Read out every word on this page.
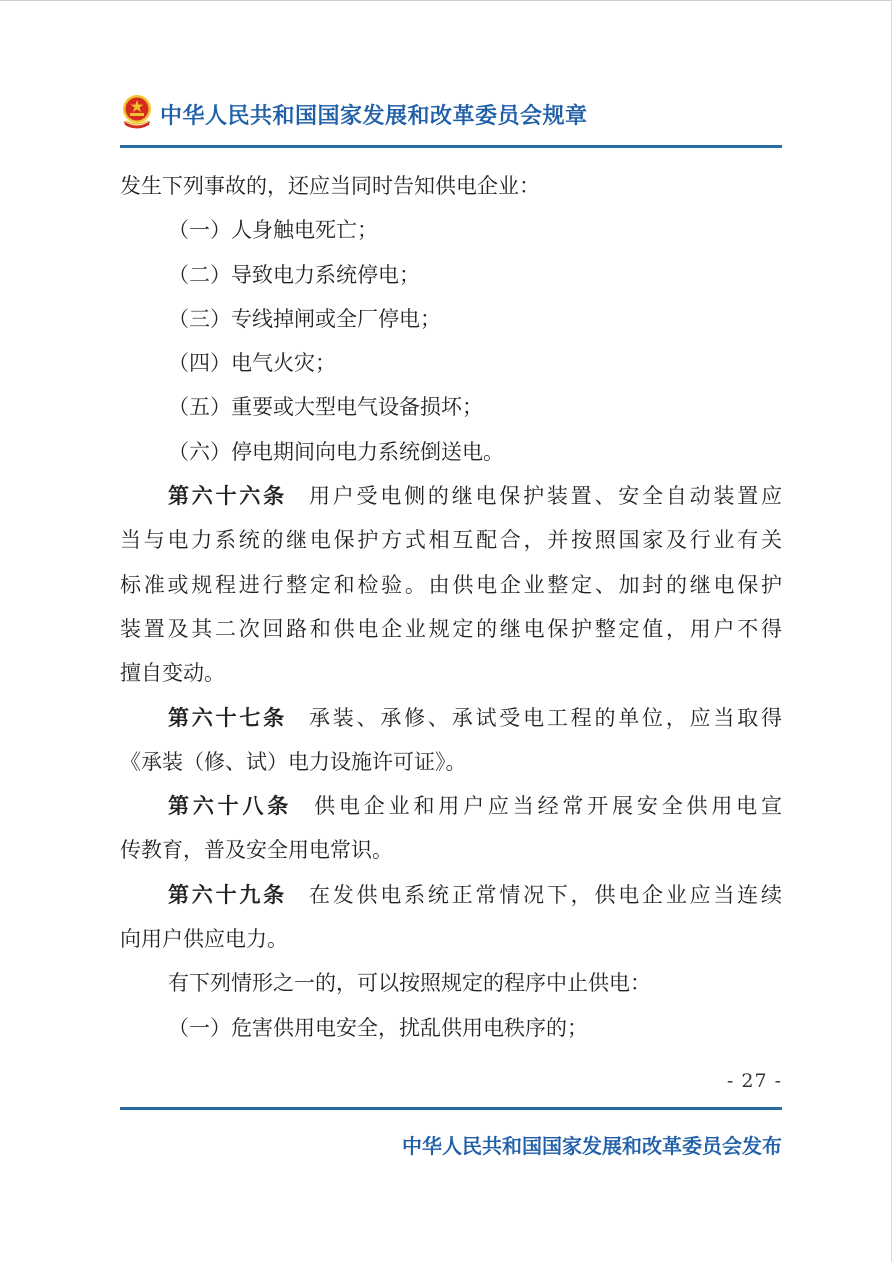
中华人民共和国国家发展和改革委员会规章
发生下列事故的，还应当同时告知供电企业：
（一）人身触电死亡；
（二）导致电力系统停电；
（三）专线掉闸或全厂停电；
（四）电气火灾；
（五）重要或大型电气设备损坏；
（六）停电期间向电力系统倒送电。
第六十六条 用户受电侧的继电保护装置、安全自动装置应
当与电力系统的继电保护方式相互配合，并按照国家及行业有关
标准或规程进行整定和检验。由供电企业整定、加封的继电保护
装置及其二次回路和供电企业规定的继电保护整定值，用户不得
擅自变动。
第六十七条 承装、承修、承试受电工程的单位，应当取得
《承装（修、试）电力设施许可证》。
第六十八条 供电企业和用户应当经常开展安全供用电宣
传教育，普及安全用电常识。
第六十九条 在发供电系统正常情况下，供电企业应当连续
向用户供应电力。
有下列情形之一的，可以按照规定的程序中止供电：
（一）危害供用电安全，扰乱供用电秩序的；
- 27 -
中华人民共和国国家发展和改革委员会发布
